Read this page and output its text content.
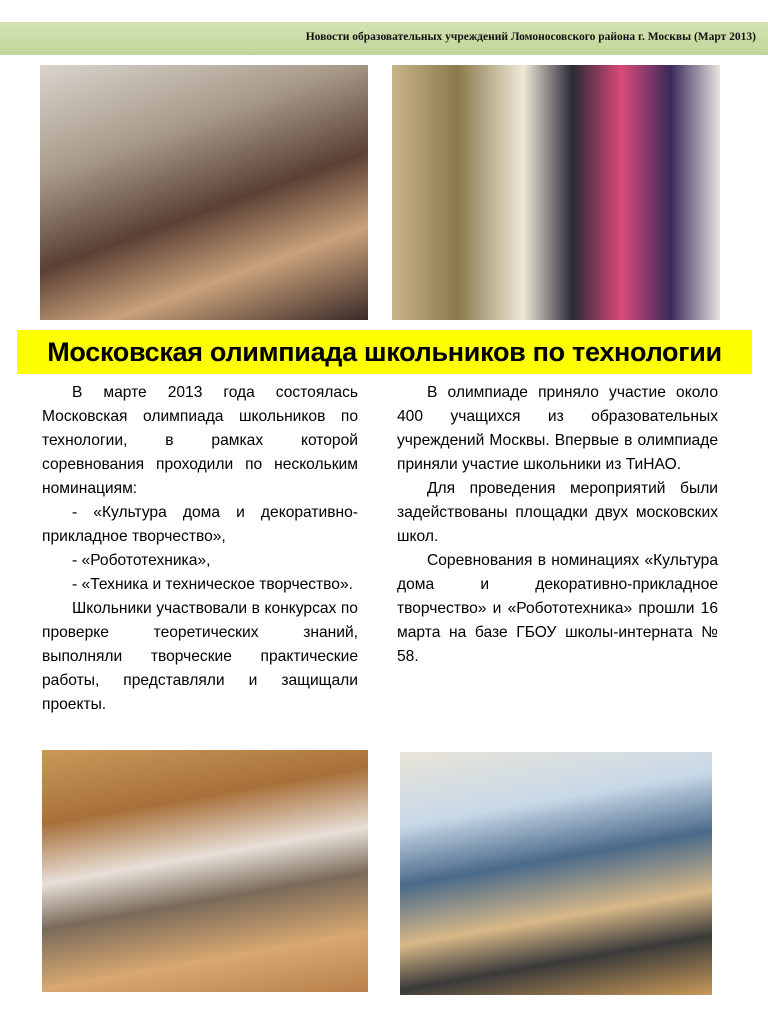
Новости образовательных учреждений Ломоносовского района г. Москвы (Март 2013)
Московская олимпиада школьников по технологии

В марте 2013 года состоялась Московская олимпиада школьников по технологии, в рамках которой соревнования проходили по нескольким номинациям:

- «Культура дома и декоративно-прикладное творчество»,

- «Робототехника»,

- «Техника и техническое творчество».

Школьники участвовали в конкурсах по проверке теоретических знаний, выполняли творческие практические работы, представляли и защищали проекты.

В олимпиаде приняло участие около 400 учащихся из образовательных учреждений Москвы. Впервые в олимпиаде приняли участие школьники из ТиНАО.

Для проведения мероприятий были задействованы площадки двух московских школ.

Соревнования в номинациях «Культура дома и декоративно-прикладное творчество» и «Робототехника» прошли 16 марта на базе ГБОУ школы-интерната № 58.
